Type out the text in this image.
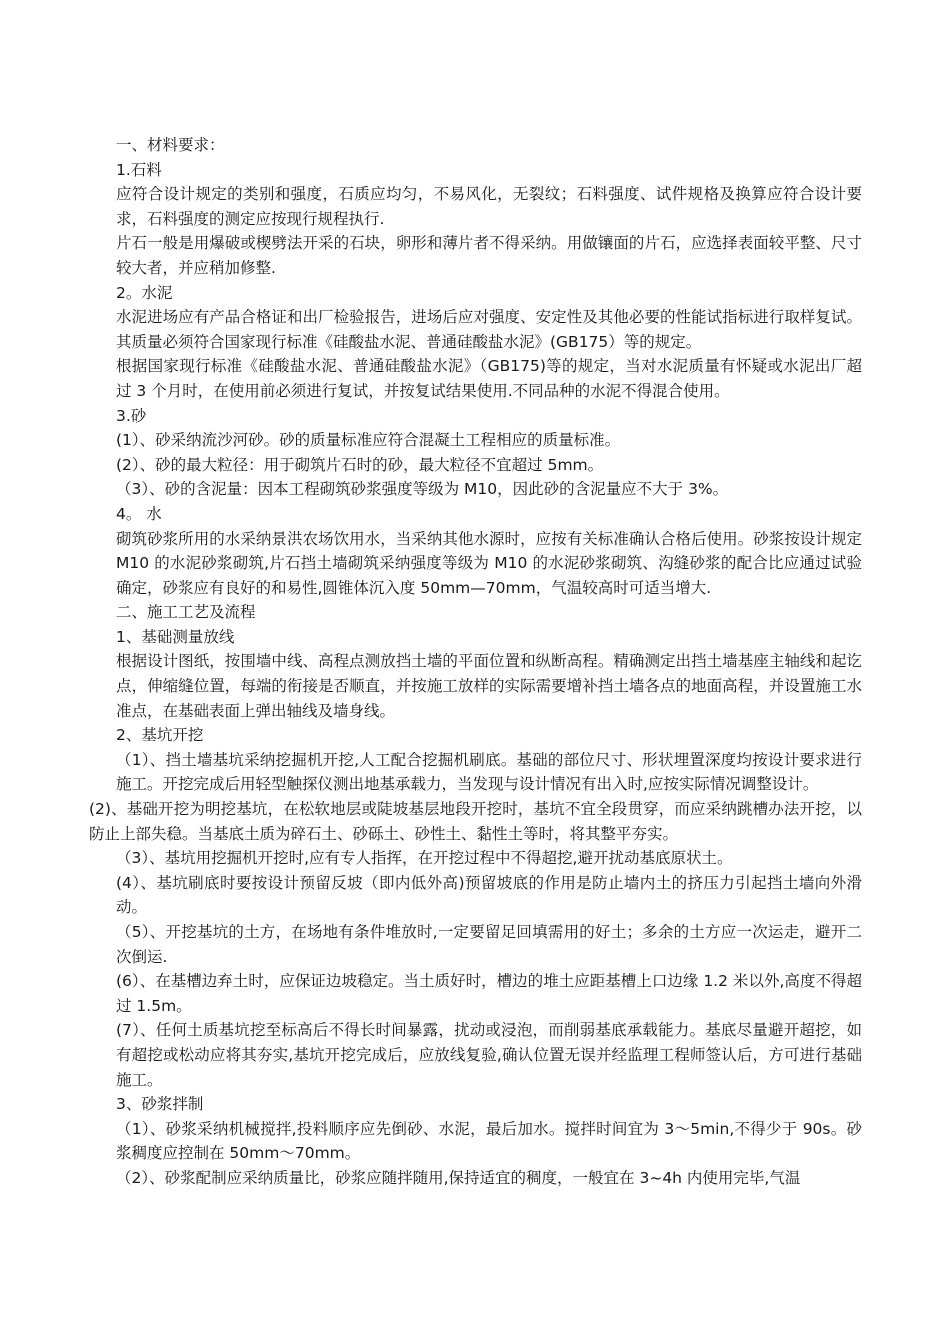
一、材料要求：

1.石料

应符合设计规定的类别和强度，石质应均匀，不易风化，无裂纹；石料强度、试件规格及换算应符合设计要求，石料强度的测定应按现行规程执行.

片石一般是用爆破或楔劈法开采的石块，卵形和薄片者不得采纳。用做镶面的片石，应选择表面较平整、尺寸较大者，并应稍加修整.

2。水泥

水泥进场应有产品合格证和出厂检验报告，进场后应对强度、安定性及其他必要的性能试指标进行取样复试。其质量必须符合国家现行标准《硅酸盐水泥、普通硅酸盐水泥》(GB175）等的规定。

根据国家现行标准《硅酸盐水泥、普通硅酸盐水泥》（GB175)等的规定，当对水泥质量有怀疑或水泥出厂超过 3 个月时，在使用前必须进行复试，并按复试结果使用.不同品种的水泥不得混合使用。

3.砂

(1）、砂采纳流沙河砂。砂的质量标准应符合混凝土工程相应的质量标准。

(2）、砂的最大粒径：用于砌筑片石时的砂，最大粒径不宜超过 5mm。

（3）、砂的含泥量：因本工程砌筑砂浆强度等级为 M10，因此砂的含泥量应不大于 3%。

4。 水

砌筑砂浆所用的水采纳景洪农场饮用水，当采纳其他水源时，应按有关标准确认合格后使用。砂浆按设计规定 M10 的水泥砂浆砌筑,片石挡土墙砌筑采纳强度等级为 M10 的水泥砂浆砌筑、沟缝砂浆的配合比应通过试验确定，砂浆应有良好的和易性,圆锥体沉入度 50mm—70mm，气温较高时可适当增大.

二、施工工艺及流程

1、基础测量放线

根据设计图纸，按围墙中线、高程点测放挡土墙的平面位置和纵断高程。精确测定出挡土墙基座主轴线和起讫点，伸缩缝位置，每端的衔接是否顺直，并按施工放样的实际需要增补挡土墙各点的地面高程，并设置施工水准点，在基础表面上弹出轴线及墙身线。

2、基坑开挖

（1）、挡土墙基坑采纳挖掘机开挖,人工配合挖掘机刷底。基础的部位尺寸、形状埋置深度均按设计要求进行施工。开挖完成后用轻型触探仪测出地基承载力，当发现与设计情况有出入时,应按实际情况调整设计。

(2)、基础开挖为明挖基坑，在松软地层或陡坡基层地段开挖时，基坑不宜全段贯穿，而应采纳跳槽办法开挖，以防止上部失稳。当基底土质为碎石土、砂砾土、砂性土、黏性土等时，将其整平夯实。

（3）、基坑用挖掘机开挖时,应有专人指挥，在开挖过程中不得超挖,避开扰动基底原状土。

(4）、基坑刷底时要按设计预留反坡（即内低外高)预留坡底的作用是防止墙内土的挤压力引起挡土墙向外滑动。

（5）、开挖基坑的土方，在场地有条件堆放时,一定要留足回填需用的好土；多余的土方应一次运走，避开二次倒运.

(6）、在基槽边弃土时，应保证边坡稳定。当土质好时，槽边的堆土应距基槽上口边缘 1.2 米以外,高度不得超过 1.5m。

(7）、任何土质基坑挖至标高后不得长时间暴露，扰动或浸泡，而削弱基底承载能力。基底尽量避开超挖，如有超挖或松动应将其夯实,基坑开挖完成后，应放线复验,确认位置无误并经监理工程师签认后，方可进行基础施工。

3、砂浆拌制

（1）、砂浆采纳机械搅拌,投料顺序应先倒砂、水泥，最后加水。搅拌时间宜为 3～5min,不得少于 90s。砂浆稠度应控制在 50mm～70mm。

（2）、砂浆配制应采纳质量比，砂浆应随拌随用,保持适宜的稠度，一般宜在 3~4h 内使用完毕,气温
